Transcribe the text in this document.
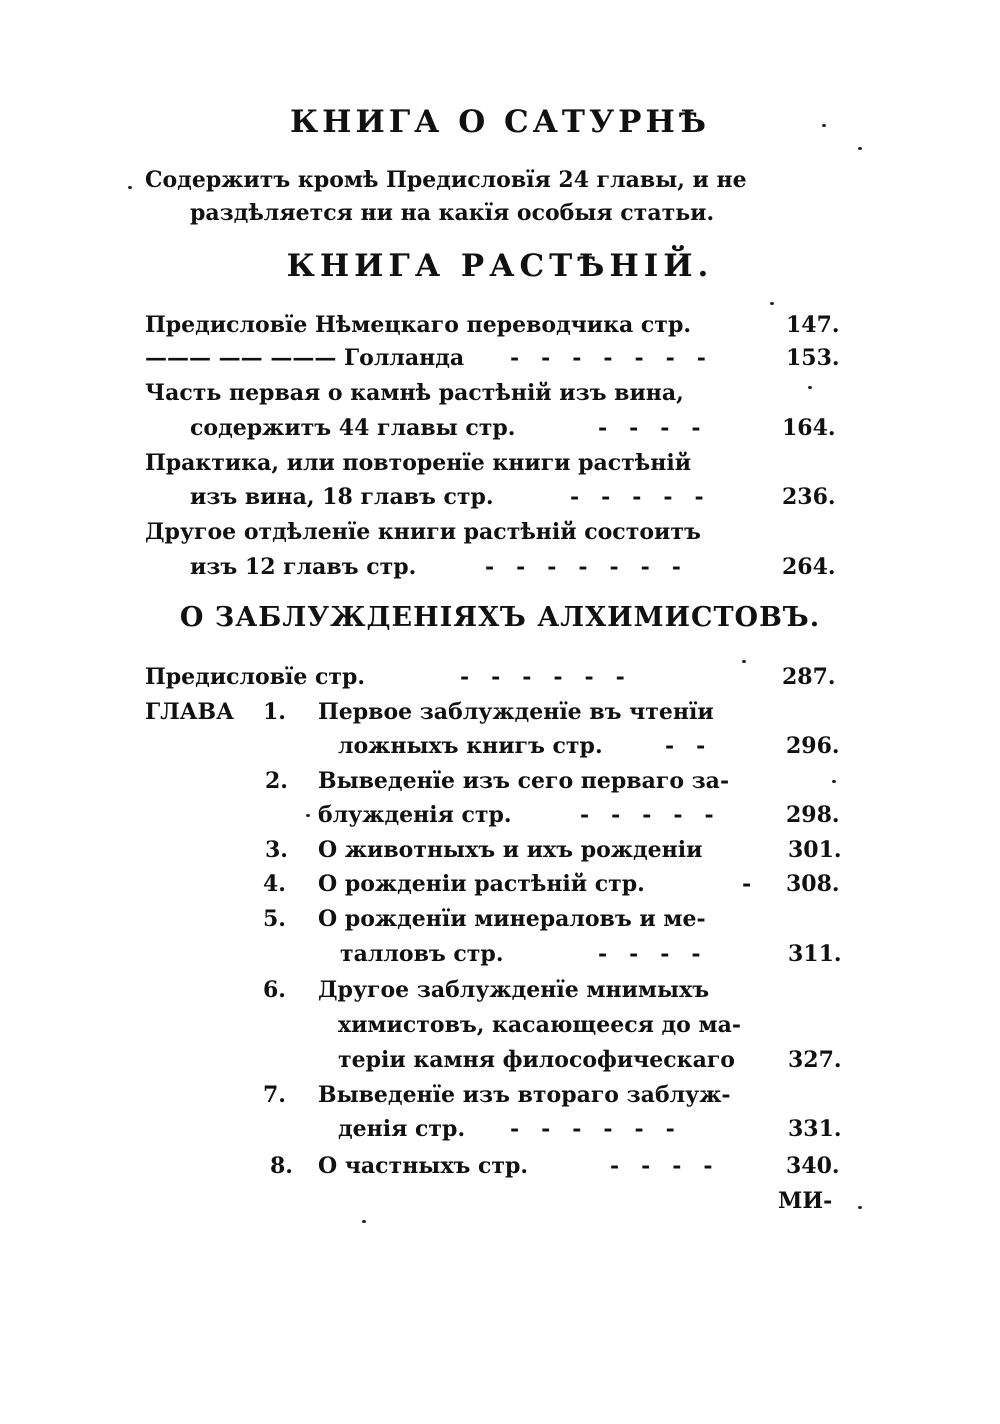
КНИГА О САТУРНѢ
Содержитъ кромѣ Предисловїя 24 главы, и не
раздѣляется ни на какїя особыя статьи.
КНИГА РАСТѢНІЙ.
Предисловїе Нѣмецкаго переводчика стр.	147.
——— —— ——— Голланда -------	153.
Часть первая о камнѣ растѣній изъ вина,
содержитъ 44 главы стр.	----	164.
Практика, или повторенїе книги растѣній
изъ вина, 18 главъ стр.	-----	236.
Другое отдѣленїе книги растѣній состоитъ
изъ 12 главъ стр.	-------	264.
О ЗАБЛУЖДЕНІЯХЪ АЛХИМИСТОВЪ.
Предисловїе стр.	------	287.
ГЛАВА 1. Первое заблужденїе въ чтенїи
ложныхъ книгъ стр.	--	296.
2. Выведенїе изъ сего перваго за-
блужденія стр.	----- 298.
3. О животныхъ и ихъ рожденіи	301.
4. О рожденіи растѣній стр.	- 308.
5. О рожденїи минераловъ и ме-
талловъ стр.	----	311.
6. Другое заблужденїе мнимыхъ
химистовъ, касающееся до ма-
теріи камня философическаго 327.
7. Выведенїе изъ втораго заблуж-
денія стр. ------	331.
8. О частныхъ стр.	---- 340.
МИ-
